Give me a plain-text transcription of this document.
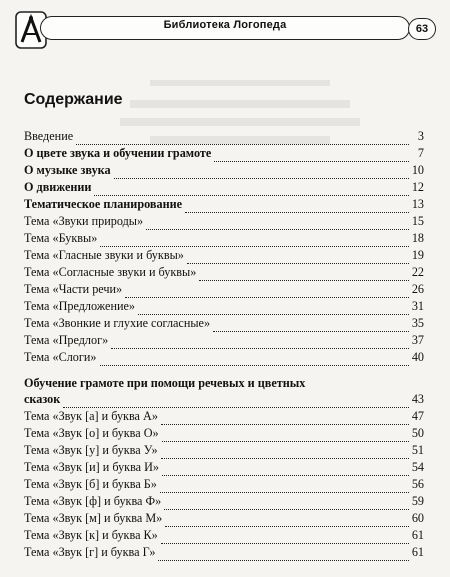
Библиотека Логопеда	63
Содержание
Введение	3
О цвете звука и обучении грамоте	7
О музыке звука	10
О движении	12
Тематическое планирование	13
Тема «Звуки природы»	15
Тема «Буквы»	18
Тема «Гласные звуки и буквы»	19
Тема «Согласные звуки и буквы»	22
Тема «Части речи»	26
Тема «Предложение»	31
Тема «Звонкие и глухие согласные»	35
Тема «Предлог»	37
Тема «Слоги»	40
Обучение грамоте при помощи речевых и цветных
сказок	43
Тема «Звук [а] и буква А»	47
Тема «Звук [о] и буква О»	50
Тема «Звук [у] и буква У»	51
Тема «Звук [и] и буква И»	54
Тема «Звук [б] и буква Б»	56
Тема «Звук [ф] и буква Ф»	59
Тема «Звук [м] и буква М»	60
Тема «Звук [к] и буква К»	61
Тема «Звук [г] и буква Г»	61
